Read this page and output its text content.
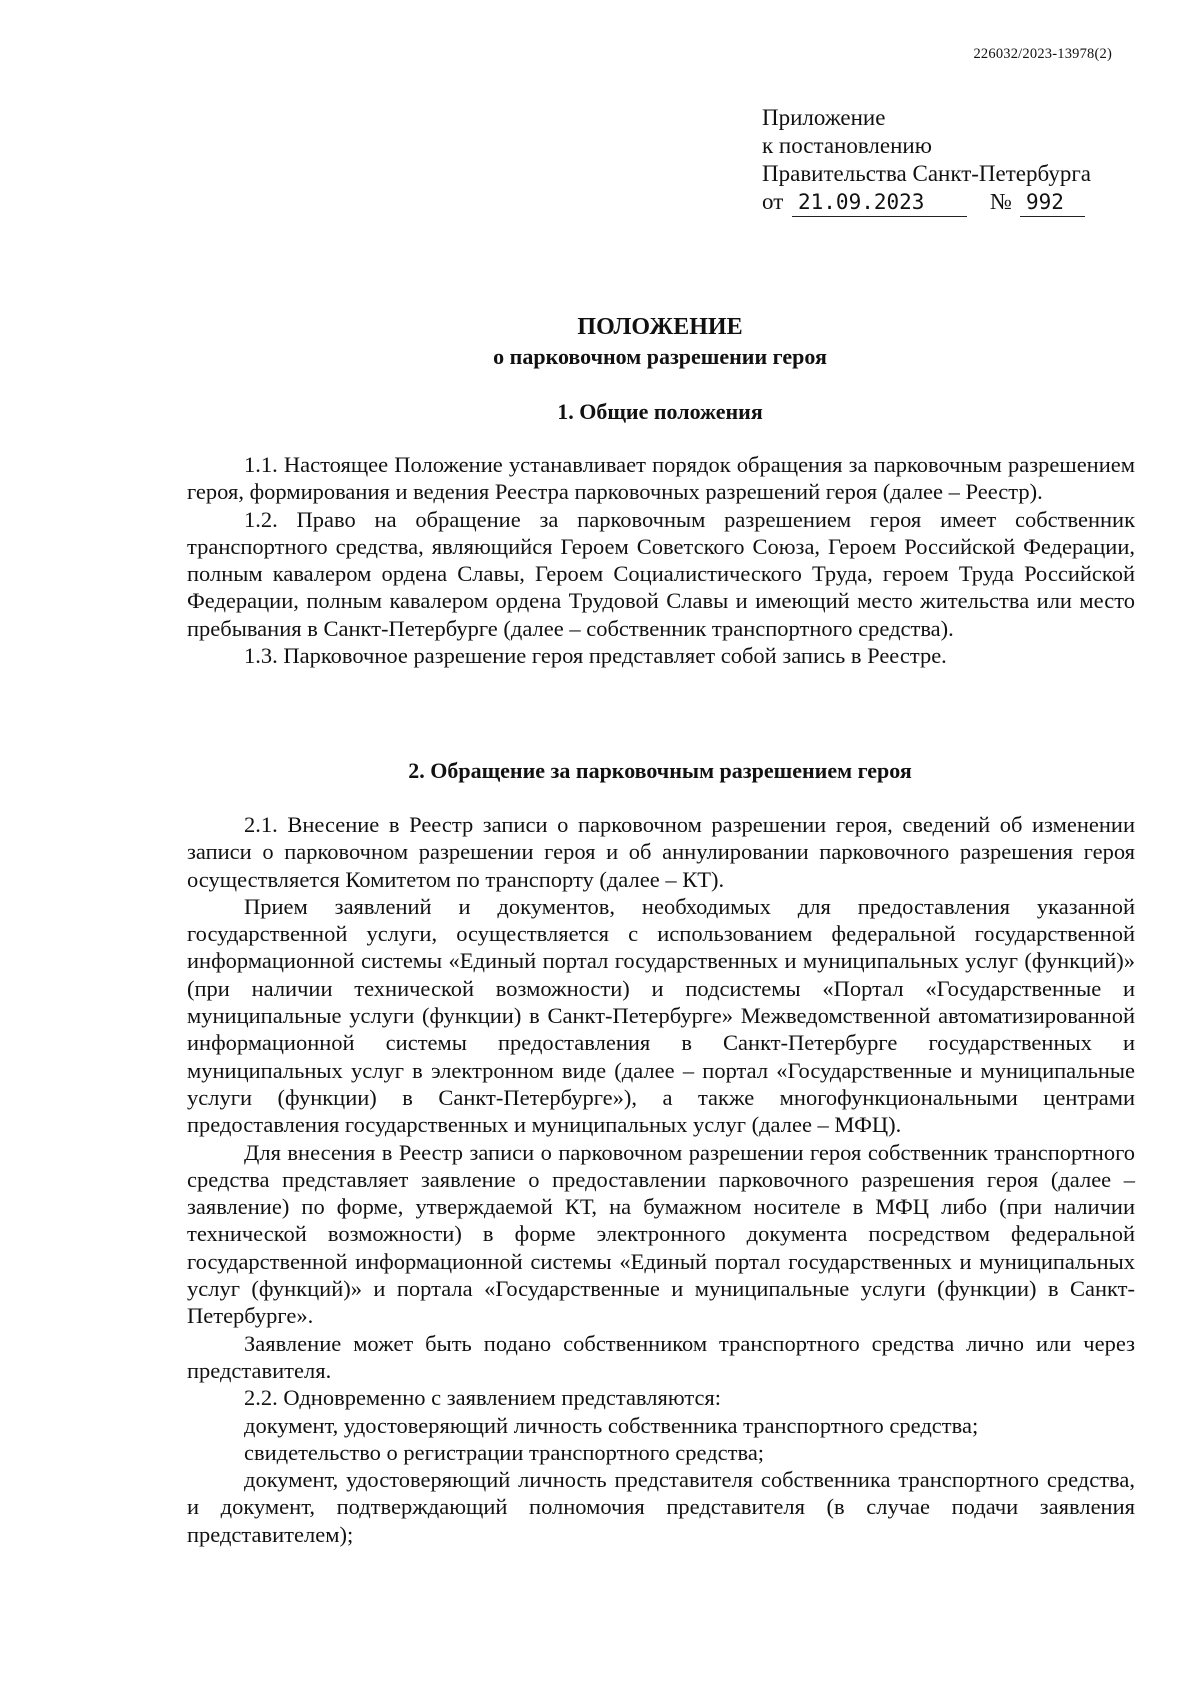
226032/2023-13978(2)
Приложение
к постановлению
Правительства Санкт-Петербурга
от 21.09.2023	№ 992
ПОЛОЖЕНИЕ
о парковочном разрешении героя
1. Общие положения

1.1. Настоящее Положение устанавливает порядок обращения за парковочным разрешением героя, формирования и ведения Реестра парковочных разрешений героя (далее – Реестр).

1.2. Право на обращение за парковочным разрешением героя имеет собственник транспортного средства, являющийся Героем Советского Союза, Героем Российской Федерации, полным кавалером ордена Славы, Героем Социалистического Труда, героем Труда Российской Федерации, полным кавалером ордена Трудовой Славы и имеющий место жительства или место пребывания в Санкт-Петербурге (далее – собственник транспортного средства).

1.3. Парковочное разрешение героя представляет собой запись в Реестре.

2. Обращение за парковочным разрешением героя

2.1. Внесение в Реестр записи о парковочном разрешении героя, сведений об изменении записи о парковочном разрешении героя и об аннулировании парковочного разрешения героя осуществляется Комитетом по транспорту (далее – КТ).

Прием заявлений и документов, необходимых для предоставления указанной государственной услуги, осуществляется с использованием федеральной государственной информационной системы «Единый портал государственных и муниципальных услуг (функций)» (при наличии технической возможности) и подсистемы «Портал «Государственные и муниципальные услуги (функции) в Санкт-Петербурге» Межведомственной автоматизированной информационной системы предоставления в Санкт-Петербурге государственных и муниципальных услуг в электронном виде (далее – портал «Государственные и муниципальные услуги (функции) в Санкт-Петербурге»), а также многофункциональными центрами предоставления государственных и муниципальных услуг (далее – МФЦ).

Для внесения в Реестр записи о парковочном разрешении героя собственник транспортного средства представляет заявление о предоставлении парковочного разрешения героя (далее – заявление) по форме, утверждаемой КТ, на бумажном носителе в МФЦ либо (при наличии технической возможности) в форме электронного документа посредством федеральной государственной информационной системы «Единый портал государственных и муниципальных услуг (функций)» и портала «Государственные и муниципальные услуги (функции) в Санкт-Петербурге».

Заявление может быть подано собственником транспортного средства лично или через представителя.

2.2. Одновременно с заявлением представляются:

документ, удостоверяющий личность собственника транспортного средства;

свидетельство о регистрации транспортного средства;

документ, удостоверяющий личность представителя собственника транспортного средства, и документ, подтверждающий полномочия представителя (в случае подачи заявления представителем);
